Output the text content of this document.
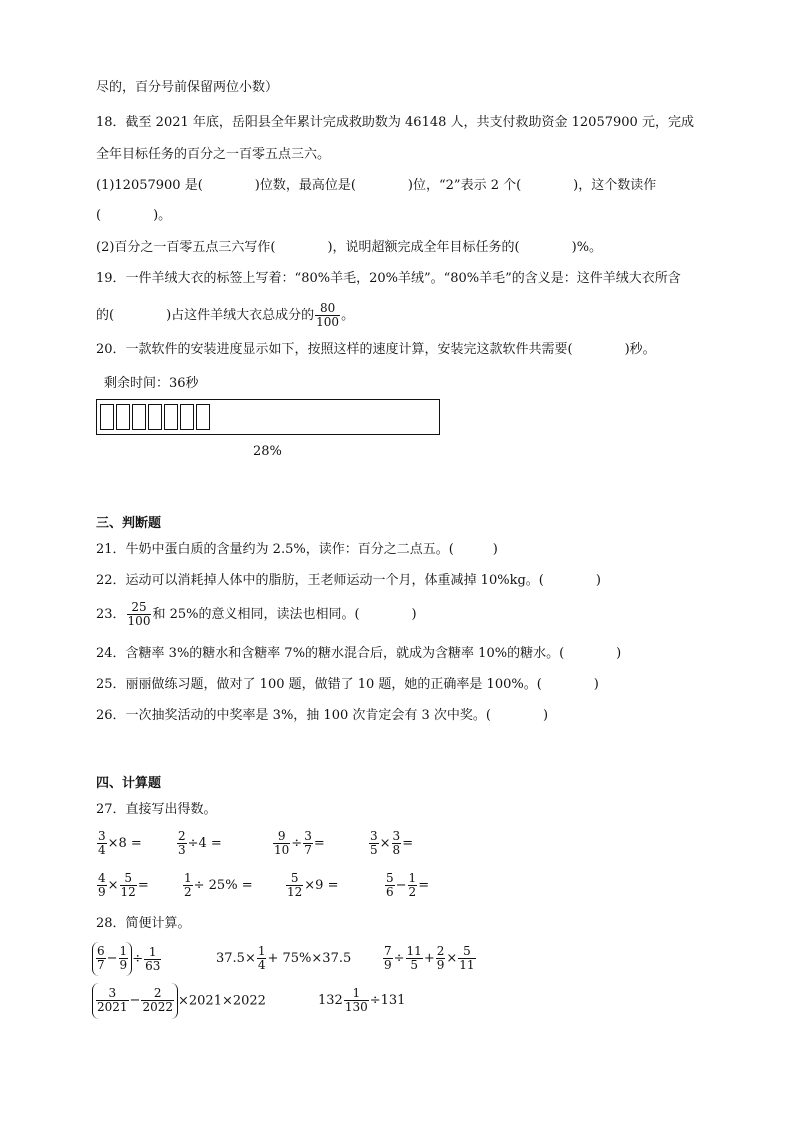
尽的，百分号前保留两位小数）
18．截至 2021 年底，岳阳县全年累计完成救助数为 46148 人，共支付救助资金 12057900 元，完成
全年目标任务的百分之一百零五点三六。
(1)12057900 是(　　　　)位数，最高位是(　　　　)位，“2”表示 2 个(　　　　)，这个数读作
(　　　　)。
(2)百分之一百零五点三六写作(　　　　)，说明超额完成全年目标任务的(　　　　)%。
19．一件羊绒大衣的标签上写着：“80%羊毛，20%羊绒”。“80%羊毛”的含义是：这件羊绒大衣所含
的(　　　　)占这件羊绒大衣总成分的 $\frac{80}{100}$ 。
20．一款软件的安装进度显示如下，按照这样的速度计算，安装完这款软件共需要(　　　　)秒。
剩余时间：36秒
28%
三、判断题
21．牛奶中蛋白质的含量约为 2.5%，读作：百分之二点五。(　　　)
22．运动可以消耗掉人体中的脂肪，王老师运动一个月，体重减掉 10%kg。(　　　　)
23． $\frac{25}{100}$ 和 25%的意义相同，读法也相同。(　　　　)
24．含糖率 3%的糖水和含糖率 7%的糖水混合后，就成为含糖率 10%的糖水。(　　　　)
25．丽丽做练习题，做对了 100 题，做错了 10 题，她的正确率是 100%。(　　　　)
26．一次抽奖活动的中奖率是 3%，抽 100 次肯定会有 3 次中奖。(　　　　)
四、计算题
27．直接写出得数。
$\frac{3}{4} \times 8$ =	$\frac{2}{3} \div 4$ =	$\frac{9}{10} \div \frac{3}{7}$ =	$\frac{3}{5} \times \frac{3}{8}$ =
$\frac{4}{9} \times \frac{5}{12}$ =	$\frac{1}{2} \div 25\%$ =	$\frac{5}{12} \times 9$ =	$\frac{5}{6} - \frac{1}{2}$ =
28．简便计算。
$\frac{6}{7} - \frac{1}{9} \div \frac{1}{63}$	$37.5\times \frac{1}{4} + 75\%\times 37.5$	$\frac{7}{9} \div \frac{11}{5} + \frac{2}{9} \times \frac{5}{11}$
$\frac{3}{2021} - \frac{2}{2022} \times 2021\times 2022$	$132 \frac{1}{130} \div 131$
